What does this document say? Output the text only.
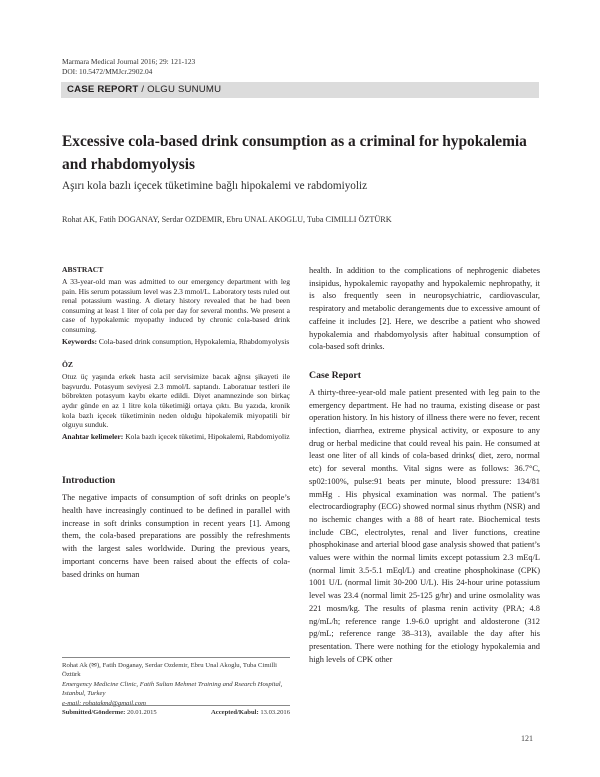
Marmara Medical Journal 2016; 29: 121-123
DOI: 10.5472/MMJcr.2902.04
CASE REPORT / OLGU SUNUMU
Excessive cola-based drink consumption as a criminal for hypokalemia and rhabdomyolysis
Aşırı kola bazlı içecek tüketimine bağlı hipokalemi ve rabdomiyoliz
Rohat AK, Fatih DOGANAY, Serdar OZDEMIR, Ebru UNAL AKOGLU, Tuba CIMILLI ÖZTÜRK
ABSTRACT
A 33-year-old man was admitted to our emergency department with leg pain. His serum potassium level was 2.3 mmol/L. Laboratory tests ruled out renal potassium wasting. A dietary history revealed that he had been consuming at least 1 liter of cola per day for several months. We present a case of hypokalemic myopathy induced by chronic cola-based drink consuming.
Keywords: Cola-based drink consumption, Hypokalemia, Rhabdomyolysis
ÖZ
Otuz üç yaşında erkek hasta acil servisimize bacak ağrısı şikayeti ile başvurdu. Potasyum seviyesi 2.3 mmol/L saptandı. Laboratuar testleri ile böbrekten potasyum kaybı ekarte edildi. Diyet anamnezinde son birkaç aydır günde en az 1 litre kola tüketimiği ortaya çıktı. Bu yazıda, kronik kola bazlı içecek tüketiminin neden olduğu hipokalemik miyopatili bir olguyu sunduk.
Anahtar kelimeler: Kola bazlı içecek tüketimi, Hipokalemi, Rabdomiyoliz
Introduction
The negative impacts of consumption of soft drinks on people’s health have increasingly continued to be defined in parallel with increase in soft drinks consumption in recent years [1]. Among them, the cola-based preparations are possibly the refreshments with the largest sales worldwide. During the previous years, important concerns have been raised about the effects of cola- based drinks on human
health. In addition to the complications of nephrogenic diabetes insipidus, hypokalemic rayopathy and hypokalemic nephropathy, it is also frequently seen in neuropsychiatric, cardiovascular, respiratory and metabolic derangements due to excessive amount of caffeine it includes [2]. Here, we describe a patient who showed hypokalemia and rhabdomyolysis after habitual consumption of cola-based soft drinks.
Case Report
A thirty-three-year-old male patient presented with leg pain to the emergency department. He had no trauma, existing disease or past operation history. In his history of illness there were no fever, recent infection, diarrhea, extreme physical activity, or exposure to any drug or herbal medicine that could reveal his pain. He consumed at least one liter of all kinds of cola-based drinks( diet, zero, normal etc) for several months. Vital signs were as follows: 36.7°C, sp02:100%, pulse:91 beats per minute, blood pressure: 134/81 mmHg . His physical examination was normal. The patient’s electrocardiography (ECG) showed normal sinus rhythm (NSR) and no ischemic changes with a 88 of heart rate. Biochemical tests include CBC, electrolytes, renal and liver functions, creatine phosphokinase and arterial blood gase analysis showed that patient’s values were within the normal limits except potassium 2.3 mEq/L (normal limit 3.5-5.1 mEql/L) and creatine phosphokinase (CPK) 1001 U/L (normal limit 30-200 U/L). His 24-hour urine potassium level was 23.4 (normal limit 25-125 g/hr) and urine osmolality was 221 mosm/kg. The results of plasma renin activity (PRA; 4.8 ng/mL/h; reference range 1.9-6.0 upright and aldosterone (312 pg/mL; reference range 38–313), available the day after his presentation. There were nothing for the etiology hypokalemia and high levels of CPK other
Rohat Ak (✉), Fatih Doganay, Serdar Ozdemir, Ebru Unal Akoglu, Tuba Cimilli Öztürk
Emergency Medicine Clinic, Fatih Sultan Mehmet Training and Rsearch Hospital, Istanbul, Turkey
e-mail: rohatakmd@gmail.com
Submitted/Gönderme: 20.01.2015	Accepted/Kabul: 13.03.2016
121
